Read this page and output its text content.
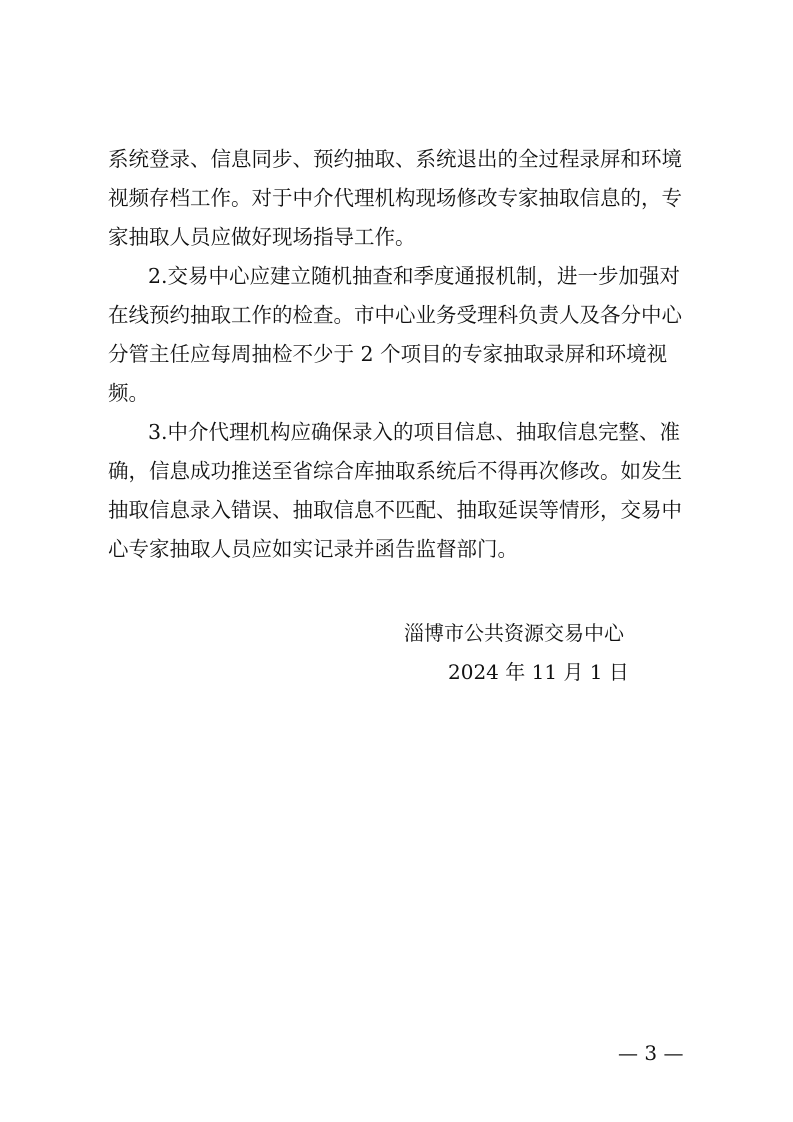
系统登录、信息同步、预约抽取、系统退出的全过程录屏和环境
视频存档工作。对于中介代理机构现场修改专家抽取信息的，专
家抽取人员应做好现场指导工作。
2.交易中心应建立随机抽查和季度通报机制，进一步加强对
在线预约抽取工作的检查。市中心业务受理科负责人及各分中心
分管主任应每周抽检不少于 2 个项目的专家抽取录屏和环境视
频。
3.中介代理机构应确保录入的项目信息、抽取信息完整、准
确，信息成功推送至省综合库抽取系统后不得再次修改。如发生
抽取信息录入错误、抽取信息不匹配、抽取延误等情形，交易中
心专家抽取人员应如实记录并函告监督部门。
淄博市公共资源交易中心
2024 年 11 月 1 日
— 3 —
